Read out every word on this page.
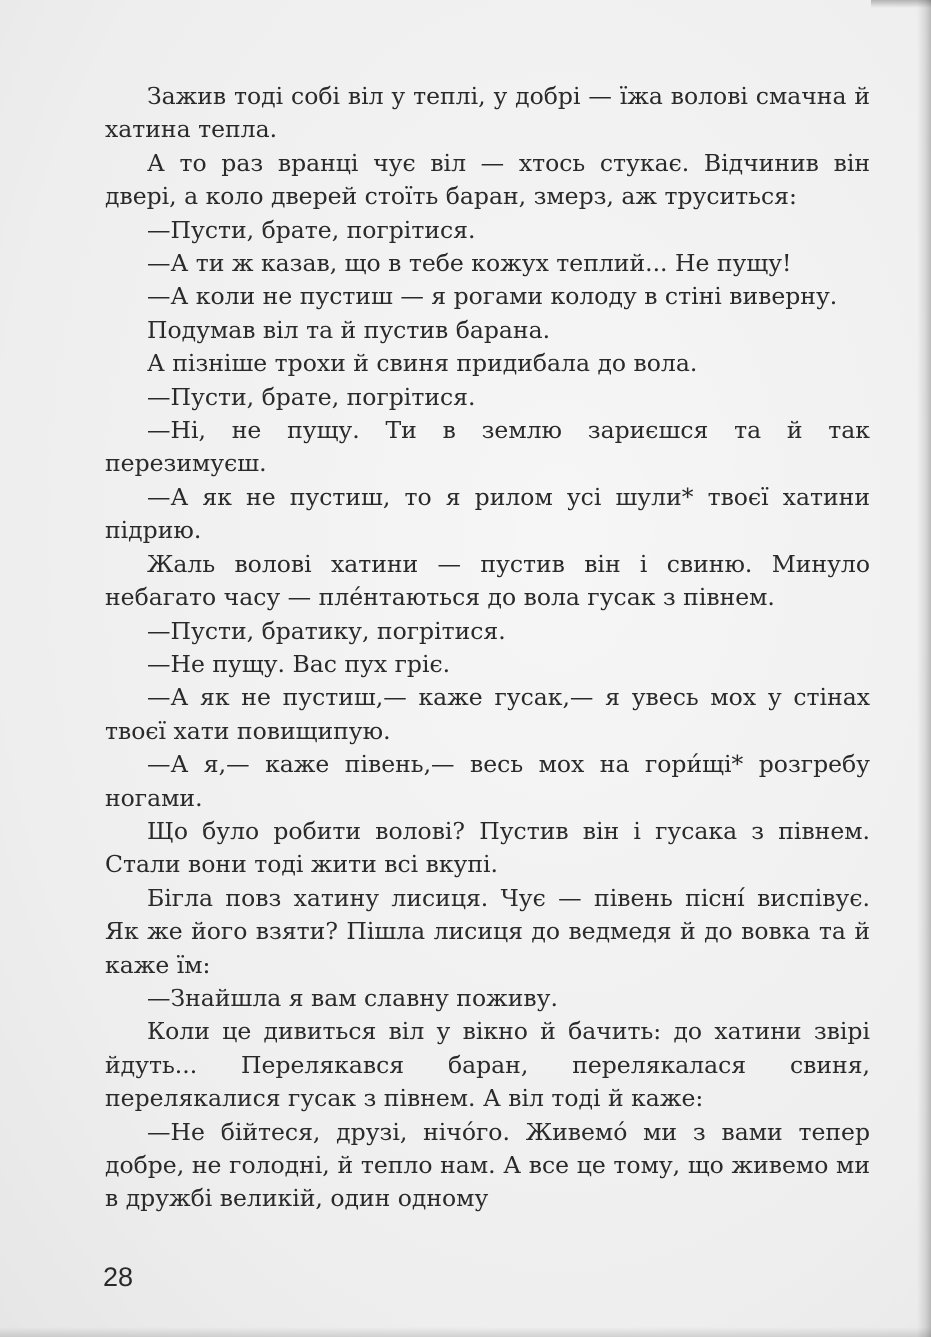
Зажив тоді собі віл у теплі, у добрі — їжа волові смачна й хатина тепла.

А то раз вранці чує віл — хтось стукає. Відчинив він двері, а коло дверей стоїть баран, змерз, аж труситься:

—Пусти, брате, погрітися.

—А ти ж казав, що в тебе кожух теплий... Не пущу!

—А коли не пустиш — я рогами колоду в стіні виверну.

Подумав віл та й пустив барана.

А пізніше трохи й свиня придибала до вола.

—Пусти, брате, погрітися.

—Ні, не пущу. Ти в землю зариєшся та й так перезимуєш.

—А як не пустиш, то я рилом усі шули* твоєї хатини підрию.

Жаль волові хатини — пустив він і свиню. Минуло небагато часу — пле́нтаються до вола гусак з півнем.

—Пусти, братику, погрітися.

—Не пущу. Вас пух гріє.

—А як не пустиш,— каже гусак,— я увесь мох у стінах твоєї хати повищипую.

—А я,— каже півень,— весь мох на гори́щі* розгребу ногами.

Що було робити волові? Пустив він і гусака з півнем. Стали вони тоді жити всі вкупі.

Бігла повз хатину лисиця. Чує — півень пісні́ виспівує. Як же його взяти? Пішла лисиця до ведмедя й до вовка та й каже їм:

—Знайшла я вам славну поживу.

Коли це дивиться віл у вікно й бачить: до хатини звірі йдуть... Перелякався баран, перелякалася свиня, перелякалися гусак з півнем. А віл тоді й каже:

—Не бійтеся, друзі, нічо́го. Живемо́ ми з вами тепер добре, не голодні, й тепло нам. А все це тому, що живемо ми в дружбі великій, один одному

28
